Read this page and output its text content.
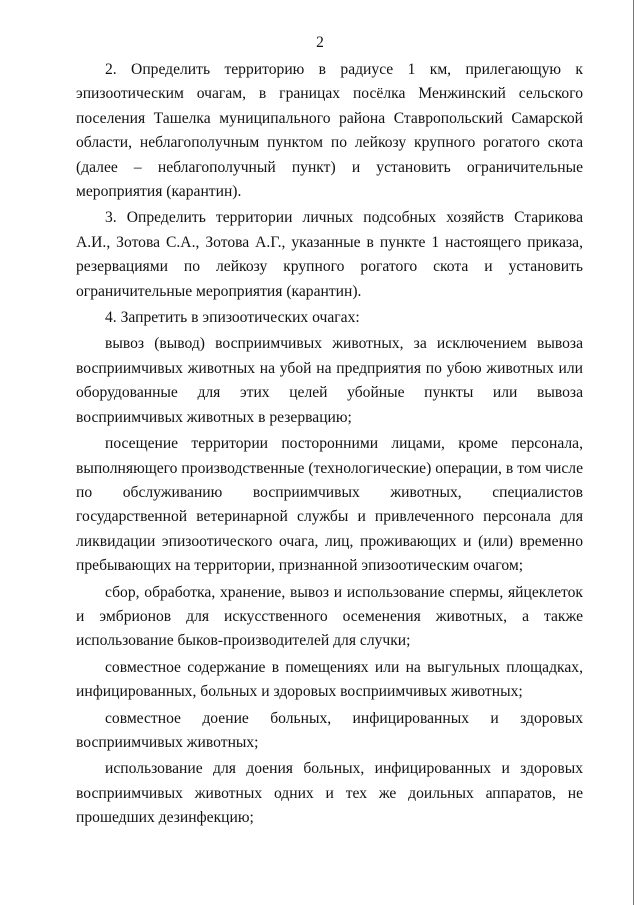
2

2. Определить территорию в радиусе 1 км, прилегающую к эпизоотическим очагам, в границах посёлка Менжинский сельского поселения Ташелка муниципального района Ставропольский Самарской области, неблагополучным пунктом по лейкозу крупного рогатого скота (далее – неблагополучный пункт) и установить ограничительные мероприятия (карантин).

3. Определить территории личных подсобных хозяйств Старикова А.И., Зотова С.А., Зотова А.Г., указанные в пункте 1 настоящего приказа, резервациями по лейкозу крупного рогатого скота и установить ограничительные мероприятия (карантин).

4. Запретить в эпизоотических очагах:

вывоз (вывод) восприимчивых животных, за исключением вывоза восприимчивых животных на убой на предприятия по убою животных или оборудованные для этих целей убойные пункты или вывоза восприимчивых животных в резервацию;

посещение территории посторонними лицами, кроме персонала, выполняющего производственные (технологические) операции, в том числе по обслуживанию восприимчивых животных, специалистов государственной ветеринарной службы и привлеченного персонала для ликвидации эпизоотического очага, лиц, проживающих и (или) временно пребывающих на территории, признанной эпизоотическим очагом;

сбор, обработка, хранение, вывоз и использование спермы, яйцеклеток и эмбрионов для искусственного осеменения животных, а также использование быков-производителей для случки;

совместное содержание в помещениях или на выгульных площадках, инфицированных, больных и здоровых восприимчивых животных;

совместное доение больных, инфицированных и здоровых восприимчивых животных;

использование для доения больных, инфицированных и здоровых восприимчивых животных одних и тех же доильных аппаратов, не прошедших дезинфекцию;
